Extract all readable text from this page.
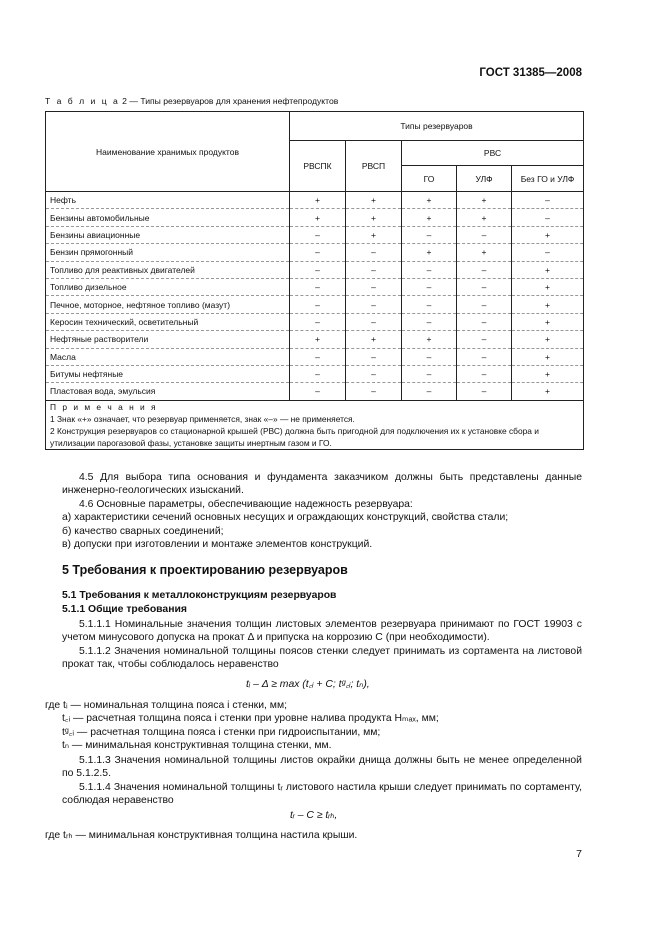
ГОСТ 31385—2008
Т а б л и ц а 2 — Типы резервуаров для хранения нефтепродуктов
Наименование хранимых продуктов	Типы резервуаров				
	РВСПК	РВСП	РВС		
			ГО	УЛФ	Без ГО и УЛФ
Нефть	+	+	+	+	–
Бензины автомобильные	+	+	+	+	–
Бензины авиационные	–	+	–	–	+
Бензин прямогонный	–	–	+	+	–
Топливо для реактивных двигателей	–	–	–	–	+
Топливо дизельное	–	–	–	–	+
Печное, моторное, нефтяное топливо (мазут)	–	–	–	–	+
Керосин технический, осветительный	–	–	–	–	+
Нефтяные растворители	+	+	+	–	+
Масла	–	–	–	–	+
Битумы нефтяные	–	–	–	–	+
Пластовая вода, эмульсия	–	–	–	–	+

П р и м е ч а н и я
1 Знак «+» означает, что резервуар применяется, знак «–» — не применяется.
2 Конструкция резервуаров со стационарной крышей (РВС) должна быть пригодной для подключения их к установке сбора и утилизации парогазовой фазы, установке защиты инертным газом и ГО.					

4.5 Для выбора типа основания и фундамента заказчиком должны быть представлены данные инженерно-геологических изысканий.

4.6 Основные параметры, обеспечивающие надежность резервуара:

а) характеристики сечений основных несущих и ограждающих конструкций, свойства стали;

б) качество сварных соединений;

в) допуски при изготовлении и монтаже элементов конструкций.

5 Требования к проектированию резервуаров
5.1 Требования к металлоконструкциям резервуаров
5.1.1 Общие требования

5.1.1.1 Номинальные значения толщин листовых элементов резервуара принимают по ГОСТ 19903 с учетом минусового допуска на прокат Δ и припуска на коррозию C (при необходимости).

5.1.1.2 Значения номинальной толщины поясов стенки следует принимать из сортамента на листовой прокат так, чтобы соблюдалось неравенство

tᵢ – Δ ≥ max (t꜀ᵢ + C; tᵍ꜀ᵢ; tₙ),

где tᵢ — номинальная толщина пояса i стенки, мм;

t꜀ᵢ — расчетная толщина пояса i стенки при уровне налива продукта Hₘₐₓ, мм;

tᵍ꜀ᵢ — расчетная толщина пояса i стенки при гидроиспытании, мм;

tₙ — минимальная конструктивная толщина стенки, мм.

5.1.1.3 Значения номинальной толщины листов окрайки днища должны быть не менее определенной по 5.1.2.5.

5.1.1.4 Значения номинальной толщины tᵣ листового настила крыши следует принимать по сортаменту, соблюдая неравенство

tᵣ – C ≥ tᵣₕ,
где tᵣₕ — минимальная конструктивная толщина настила крыши.
7
